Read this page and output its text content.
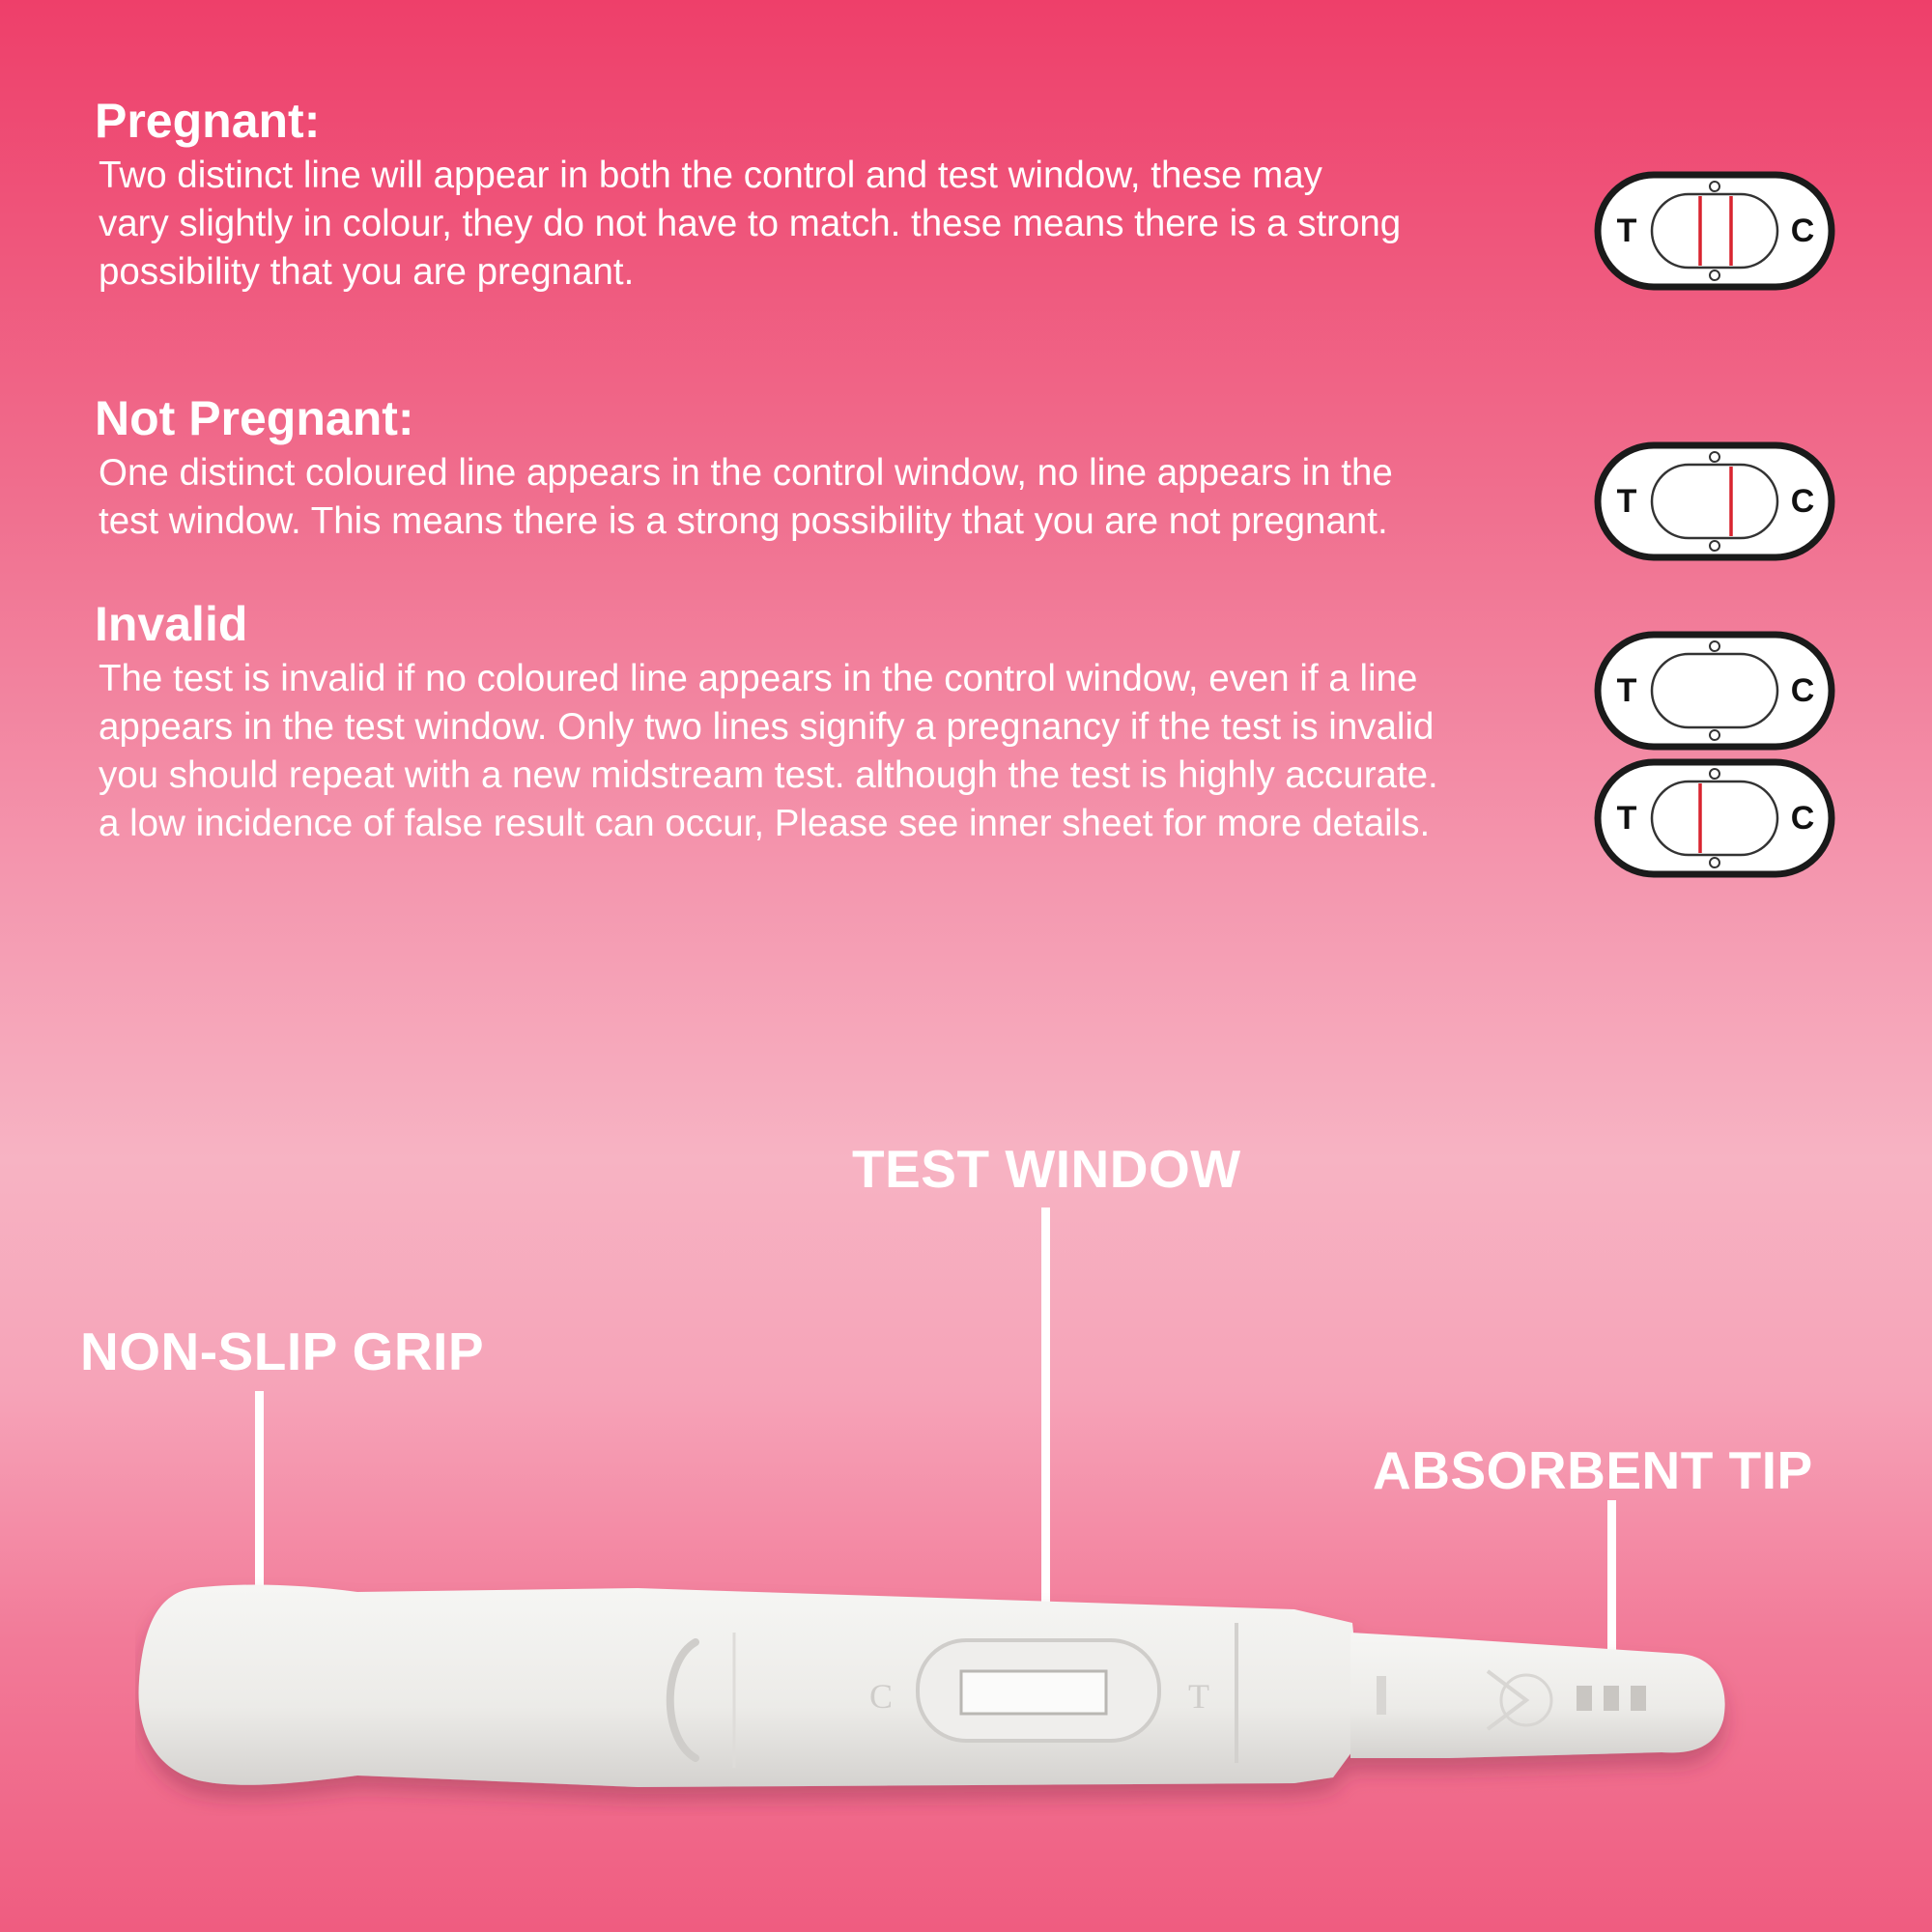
Pregnant:

Two distinct line will appear in both the control and test window, these may
vary slightly in colour, they do not have to match. these means there is a strong
possibility that you are pregnant.

Not Pregnant:

One distinct coloured line appears in the control window, no line appears in the
test window. This means there is a strong possibility that you are not pregnant.

Invalid

The test is invalid if no coloured line appears in the control window, even if a line
appears in the test window. Only two lines signify a pregnancy if the test is invalid
you should repeat with a new midstream test. although the test is highly accurate.
a low incidence of false result can occur, Please see inner sheet for more details.

T	C
T	C
T	C
T	C
TEST WINDOW
NON-SLIP GRIP
ABSORBENT TIP
C	T
